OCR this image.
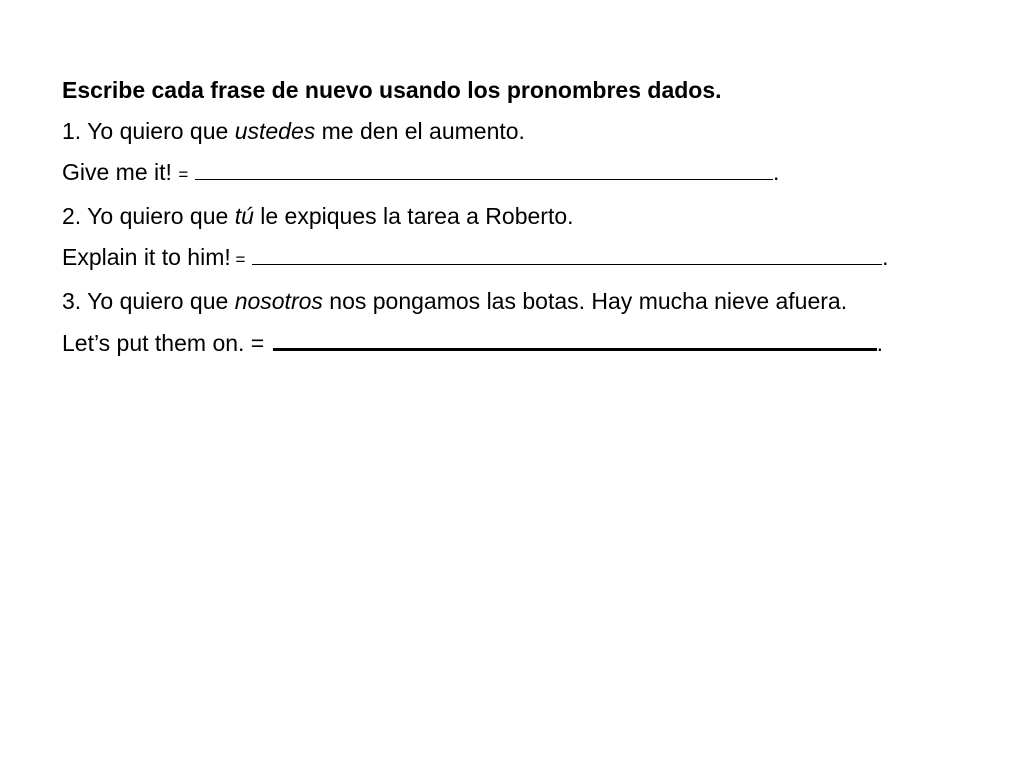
Escribe cada frase de nuevo usando los pronombres dados.
1. Yo quiero que ustedes me den el aumento.
Give me it! =	.
2. Yo quiero que tú le expiques la tarea a Roberto.
Explain it to him! =	.
3. Yo quiero que nosotros nos pongamos las botas. Hay mucha nieve afuera.
Let’s put them on. =	.
